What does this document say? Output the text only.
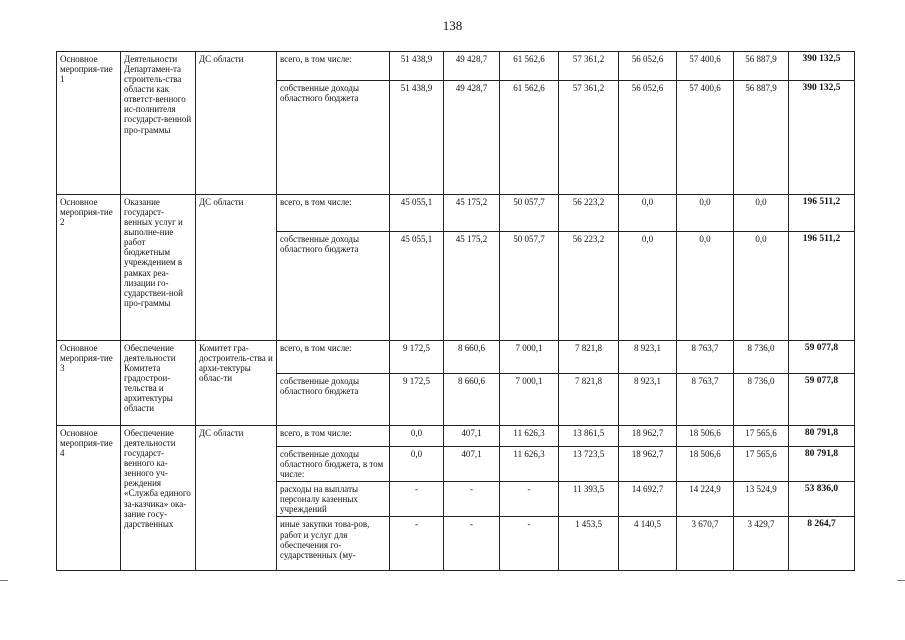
138
Основное мероприя-тие 1	Деятельности Департамен-та строитель-ства области как ответст-венного ис-полнителя государст-венной про-граммы	ДС области	всего, в том числе:	51 438,9	49 428,7	61 562,6	57 361,2	56 052,6	57 400,6	56 887,9	390 132,5
			собственные доходы областного бюджета	51 438,9	49 428,7	61 562,6	57 361,2	56 052,6	57 400,6	56 887,9	390 132,5
Основное мероприя-тие 2	Оказание государст-венных услуг и выполне-ние работ бюджетным учреждением в рамках реа-лизации го-сударствен-ной про-граммы	ДС области	всего, в том числе:	45 055,1	45 175,2	50 057,7	56 223,2	0,0	0,0	0,0	196 511,2
			собственные доходы областного бюджета	45 055,1	45 175,2	50 057,7	56 223,2	0,0	0,0	0,0	196 511,2
Основное мероприя-тие 3	Обеспечение деятельности Комитета градострои-тельства и архитектуры области	Комитет гра-достроитель-ства и архи-тектуры облас-ти	всего, в том числе:	9 172,5	8 660,6	7 000,1	7 821,8	8 923,1	8 763,7	8 736,0	59 077,8
			собственные доходы областного бюджета	9 172,5	8 660,6	7 000,1	7 821,8	8 923,1	8 763,7	8 736,0	59 077,8
Основное мероприя-тие 4	Обеспечение деятельности государст-венного ка-зенного уч-реждения «Служба единого за-казчика» ока-зание госу-дарственных	ДС области	всего, в том числе:	0,0	407,1	11 626,3	13 861,5	18 962,7	18 506,6	17 565,6	80 791,8
			собственные доходы областного бюджета, в том числе:	0,0	407,1	11 626,3	13 723,5	18 962,7	18 506,6	17 565,6	80 791,8
			расходы на выплаты персоналу казенных учреждений	-	-	-	11 393,5	14 692,7	14 224,9	13 524,9	53 836,0
			иные закупки това-ров, работ и услуг для обеспечения го-сударственных (му-	-	-	-	1 453,5	4 140,5	3 670,7	3 429,7	8 264,7
